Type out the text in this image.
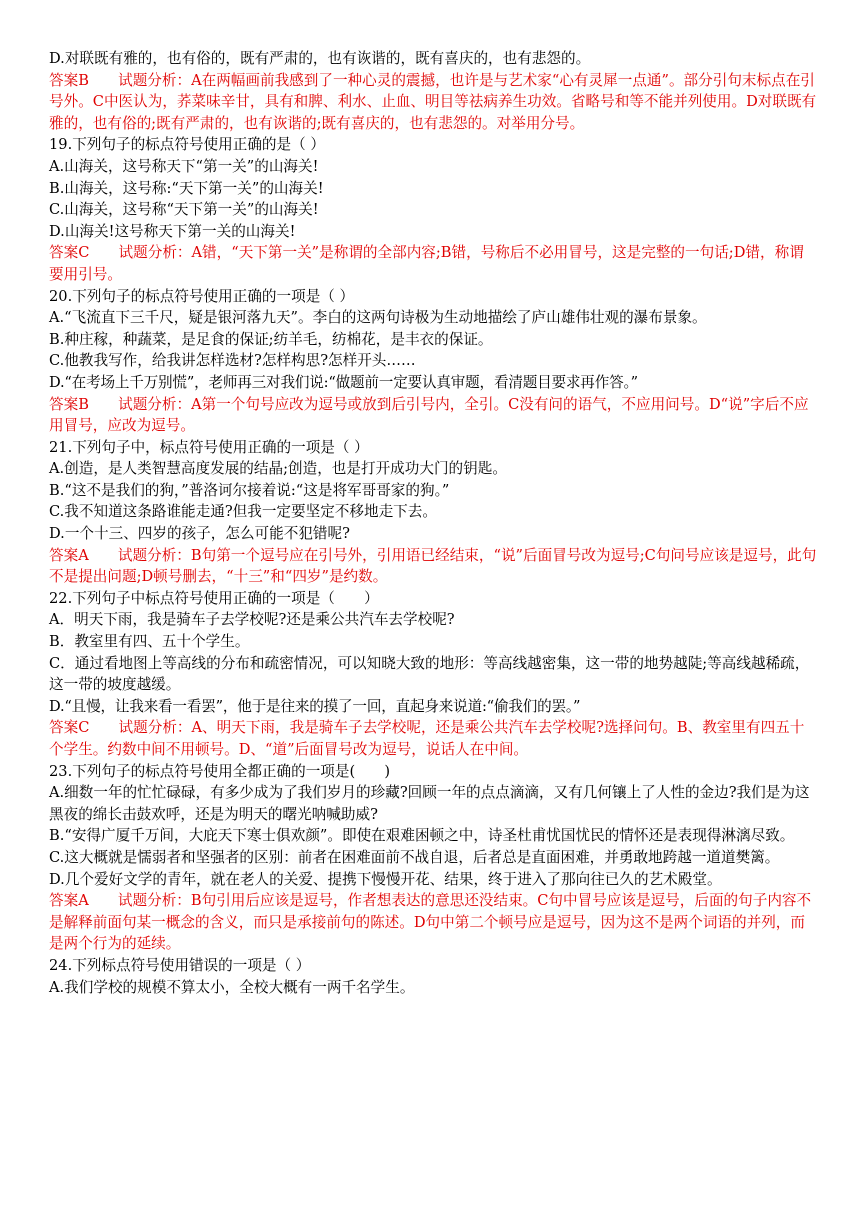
D.对联既有雅的，也有俗的，既有严肃的，也有诙谐的，既有喜庆的，也有悲怨的。

答案B　　试题分析：A在两幅画前我感到了一种心灵的震撼，也许是与艺术家“心有灵犀一点通”。部分引句末标点在引号外。C中医认为，荞菜味辛甘，具有和脾、利水、止血、明目等祛病养生功效。省略号和等不能并列使用。D对联既有雅的，也有俗的;既有严肃的，也有诙谐的;既有喜庆的，也有悲怨的。对举用分号。

19.下列句子的标点符号使用正确的是（ ）

A.山海关，这号称天下“第一关”的山海关!

B.山海关，这号称:“天下第一关”的山海关!

C.山海关，这号称“天下第一关”的山海关!

D.山海关!这号称天下第一关的山海关!

答案C　　试题分析：A错，“天下第一关”是称谓的全部内容;B错，号称后不必用冒号，这是完整的一句话;D错，称谓要用引号。

20.下列句子的标点符号使用正确的一项是（ ）

A.“飞流直下三千尺，疑是银河落九天”。李白的这两句诗极为生动地描绘了庐山雄伟壮观的瀑布景象。

B.种庄稼，种蔬菜，是足食的保证;纺羊毛，纺棉花，是丰衣的保证。

C.他教我写作，给我讲怎样选材?怎样构思?怎样开头……

D.“在考场上千万别慌”，老师再三对我们说:“做题前一定要认真审题，看清题目要求再作答。”

答案B　　试题分析：A第一个句号应改为逗号或放到后引号内，全引。C没有问的语气，不应用问号。D“说”字后不应用冒号，应改为逗号。

21.下列句子中，标点符号使用正确的一项是（ ）

A.创造，是人类智慧高度发展的结晶;创造，也是打开成功大门的钥匙。

B.“这不是我们的狗，”普洛诃尔接着说:“这是将军哥哥家的狗。”

C.我不知道这条路谁能走通?但我一定要坚定不移地走下去。

D.一个十三、四岁的孩子，怎么可能不犯错呢?

答案A　　试题分析：B句第一个逗号应在引号外，引用语已经结束，“说”后面冒号改为逗号;C句问号应该是逗号，此句不是提出问题;D顿号删去，“十三”和“四岁”是约数。

22.下列句子中标点符号使用正确的一项是（　　）

A．明天下雨，我是骑车子去学校呢?还是乘公共汽车去学校呢?

B．教室里有四、五十个学生。

C．通过看地图上等高线的分布和疏密情况，可以知晓大致的地形：等高线越密集，这一带的地势越陡;等高线越稀疏，这一带的坡度越缓。

D.“且慢，让我来看一看罢”，他于是往来的摸了一回，直起身来说道:“偷我们的罢。”

答案C　　试题分析：A、明天下雨，我是骑车子去学校呢，还是乘公共汽车去学校呢?选择问句。B、教室里有四五十个学生。约数中间不用顿号。D、“道”后面冒号改为逗号，说话人在中间。

23.下列句子的标点符号使用全都正确的一项是(　　)

A.细数一年的忙忙碌碌，有多少成为了我们岁月的珍藏?回顾一年的点点滴滴，又有几何镶上了人性的金边?我们是为这黑夜的绵长击鼓欢呼，还是为明天的曙光呐喊助威?

B.“安得广厦千万间，大庇天下寒士俱欢颜”。即使在艰难困顿之中，诗圣杜甫忧国忧民的情怀还是表现得淋漓尽致。

C.这大概就是懦弱者和坚强者的区别：前者在困难面前不战自退，后者总是直面困难，并勇敢地跨越一道道樊篱。

D.几个爱好文学的青年，就在老人的关爱、提携下慢慢开花、结果，终于进入了那向往已久的艺术殿堂。

答案A　　试题分析：B句引用后应该是逗号，作者想表达的意思还没结束。C句中冒号应该是逗号，后面的句子内容不是解释前面句某一概念的含义，而只是承接前句的陈述。D句中第二个顿号应是逗号，因为这不是两个词语的并列，而是两个行为的延续。

24.下列标点符号使用错误的一项是（ ）

A.我们学校的规模不算太小，全校大概有一两千名学生。
